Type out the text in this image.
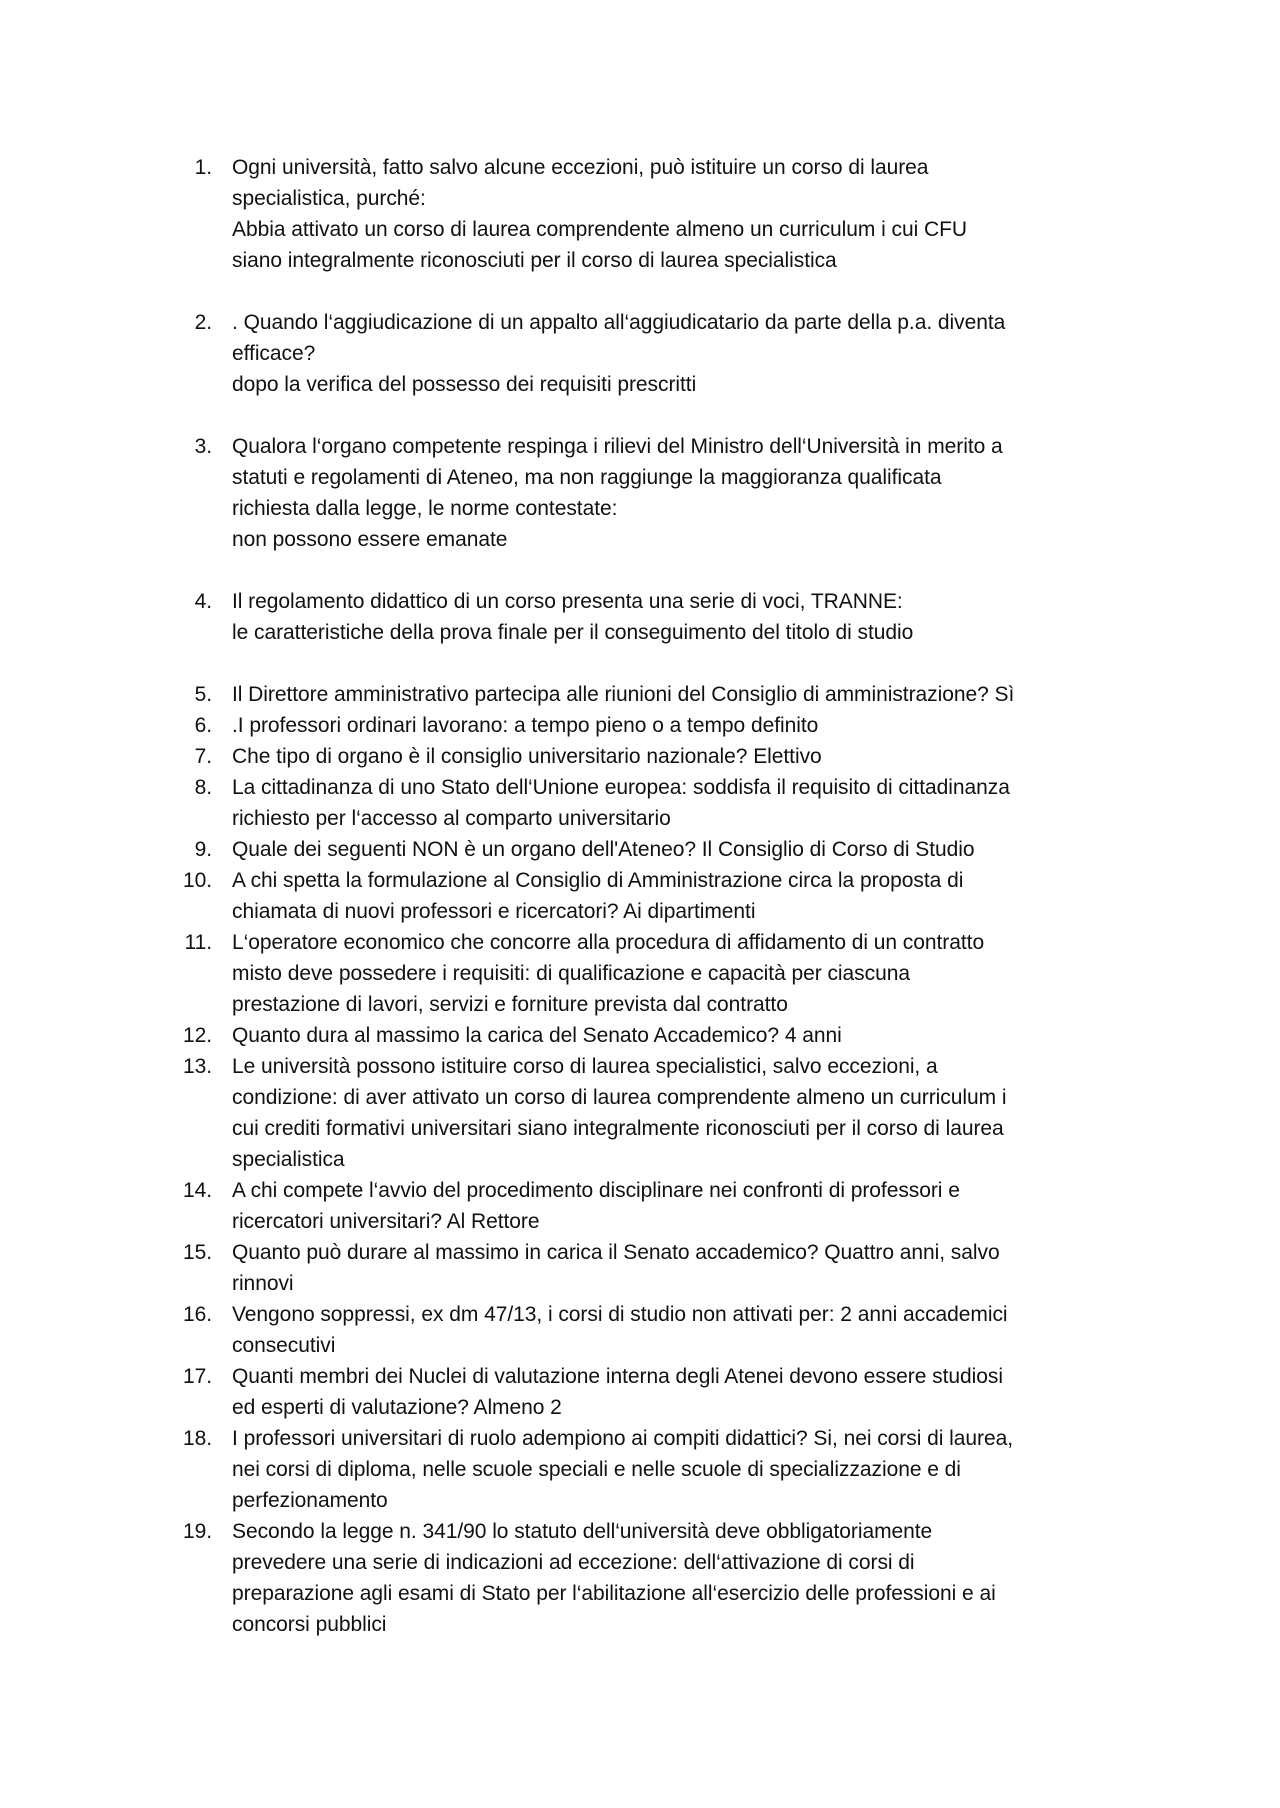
1. Ogni università, fatto salvo alcune eccezioni, può istituire un corso di laurea
specialistica, purché:
Abbia attivato un corso di laurea comprendente almeno un curriculum i cui CFU
siano integralmente riconosciuti per il corso di laurea specialistica
2. . Quando l‘aggiudicazione di un appalto all‘aggiudicatario da parte della p.a. diventa
efficace?
dopo la verifica del possesso dei requisiti prescritti
3. Qualora l‘organo competente respinga i rilievi del Ministro dell‘Università in merito a
statuti e regolamenti di Ateneo, ma non raggiunge la maggioranza qualificata
richiesta dalla legge, le norme contestate:
non possono essere emanate
4. Il regolamento didattico di un corso presenta una serie di voci, TRANNE:
le caratteristiche della prova finale per il conseguimento del titolo di studio
5. Il Direttore amministrativo partecipa alle riunioni del Consiglio di amministrazione? Sì
6. .I professori ordinari lavorano: a tempo pieno o a tempo definito
7. Che tipo di organo è il consiglio universitario nazionale? Elettivo
8. La cittadinanza di uno Stato dell‘Unione europea: soddisfa il requisito di cittadinanza
richiesto per l‘accesso al comparto universitario
9. Quale dei seguenti NON è un organo dell'Ateneo? Il Consiglio di Corso di Studio
10. A chi spetta la formulazione al Consiglio di Amministrazione circa la proposta di
chiamata di nuovi professori e ricercatori? Ai dipartimenti
11. L‘operatore economico che concorre alla procedura di affidamento di un contratto
misto deve possedere i requisiti: di qualificazione e capacità per ciascuna
prestazione di lavori, servizi e forniture prevista dal contratto
12. Quanto dura al massimo la carica del Senato Accademico? 4 anni
13. Le università possono istituire corso di laurea specialistici, salvo eccezioni, a
condizione: di aver attivato un corso di laurea comprendente almeno un curriculum i
cui crediti formativi universitari siano integralmente riconosciuti per il corso di laurea
specialistica
14. A chi compete l‘avvio del procedimento disciplinare nei confronti di professori e
ricercatori universitari? Al Rettore
15. Quanto può durare al massimo in carica il Senato accademico? Quattro anni, salvo
rinnovi
16. Vengono soppressi, ex dm 47/13, i corsi di studio non attivati per: 2 anni accademici
consecutivi
17. Quanti membri dei Nuclei di valutazione interna degli Atenei devono essere studiosi
ed esperti di valutazione? Almeno 2
18. I professori universitari di ruolo adempiono ai compiti didattici? Si, nei corsi di laurea,
nei corsi di diploma, nelle scuole speciali e nelle scuole di specializzazione e di
perfezionamento
19. Secondo la legge n. 341/90 lo statuto dell‘università deve obbligatoriamente
prevedere una serie di indicazioni ad eccezione: dell‘attivazione di corsi di
preparazione agli esami di Stato per l‘abilitazione all‘esercizio delle professioni e ai
concorsi pubblici
